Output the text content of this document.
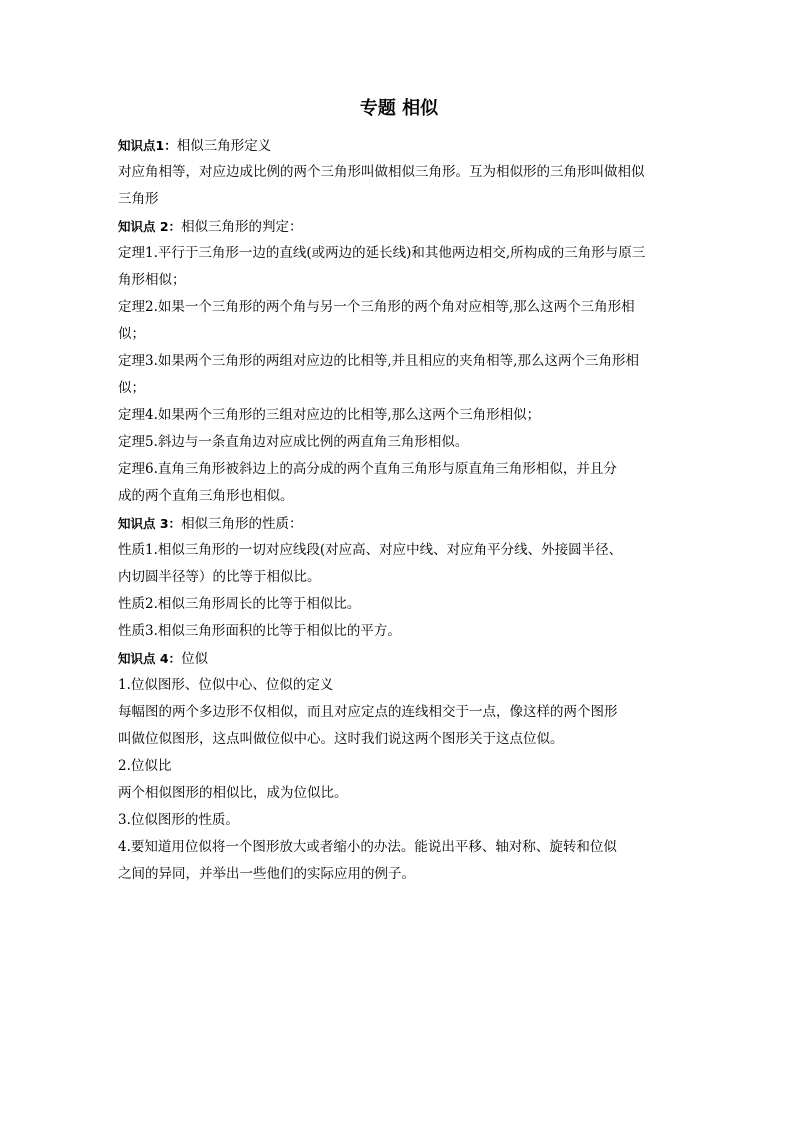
专题 相似
知识点1：相似三角形定义
对应角相等，对应边成比例的两个三角形叫做相似三角形。互为相似形的三角形叫做相似
三角形
知识点 2：相似三角形的判定：
定理1.平行于三角形一边的直线(或两边的延长线)和其他两边相交,所构成的三角形与原三
角形相似；
定理2.如果一个三角形的两个角与另一个三角形的两个角对应相等,那么这两个三角形相
似；
定理3.如果两个三角形的两组对应边的比相等,并且相应的夹角相等,那么这两个三角形相
似；
定理4.如果两个三角形的三组对应边的比相等,那么这两个三角形相似；
定理5.斜边与一条直角边对应成比例的两直角三角形相似。
定理6.直角三角形被斜边上的高分成的两个直角三角形与原直角三角形相似，并且分
成的两个直角三角形也相似。
知识点 3：相似三角形的性质：
性质1.相似三角形的一切对应线段(对应高、对应中线、对应角平分线、外接圆半径、
内切圆半径等）的比等于相似比。
性质2.相似三角形周长的比等于相似比。
性质3.相似三角形面积的比等于相似比的平方。
知识点 4：位似
1.位似图形、位似中心、位似的定义
每幅图的两个多边形不仅相似，而且对应定点的连线相交于一点，像这样的两个图形
叫做位似图形，这点叫做位似中心。这时我们说这两个图形关于这点位似。
2.位似比
两个相似图形的相似比，成为位似比。
3.位似图形的性质。
4.要知道用位似将一个图形放大或者缩小的办法。能说出平移、轴对称、旋转和位似
之间的异同，并举出一些他们的实际应用的例子。
